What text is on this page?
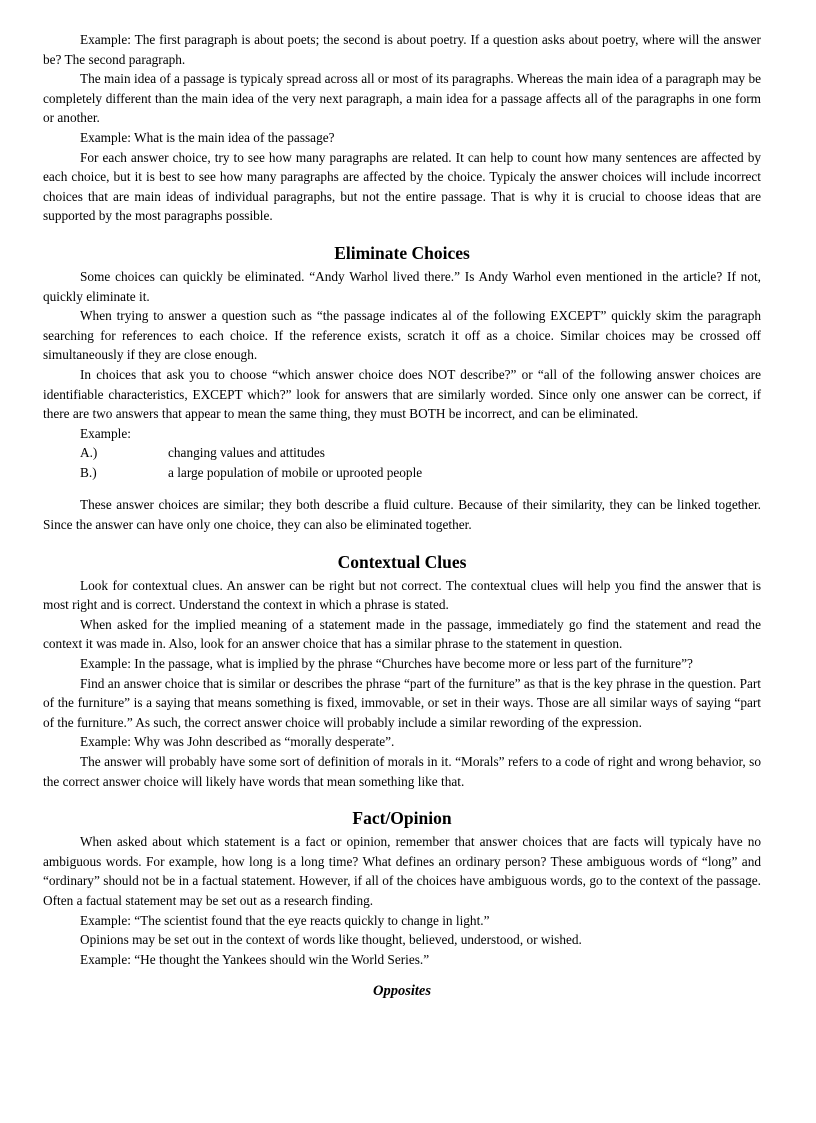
Example: The first paragraph is about poets; the second is about poetry. If a question asks about poetry, where will the answer be? The second paragraph.

The main idea of a passage is typicaly spread across all or most of its paragraphs. Whereas the main idea of a paragraph may be completely different than the main idea of the very next paragraph, a main idea for a passage affects all of the paragraphs in one form or another.

Example: What is the main idea of the passage?

For each answer choice, try to see how many paragraphs are related. It can help to count how many sentences are affected by each choice, but it is best to see how many paragraphs are affected by the choice. Typicaly the answer choices will include incorrect choices that are main ideas of individual paragraphs, but not the entire passage. That is why it is crucial to choose ideas that are supported by the most paragraphs possible.

Eliminate Choices

Some choices can quickly be eliminated. “Andy Warhol lived there.” Is Andy Warhol even mentioned in the article? If not, quickly eliminate it.

When trying to answer a question such as “the passage indicates al of the following EXCEPT” quickly skim the paragraph searching for references to each choice. If the reference exists, scratch it off as a choice. Similar choices may be crossed off simultaneously if they are close enough.

In choices that ask you to choose “which answer choice does NOT describe?” or “all of the following answer choices are identifiable characteristics, EXCEPT which?” look for answers that are similarly worded. Since only one answer can be correct, if there are two answers that appear to mean the same thing, they must BOTH be incorrect, and can be eliminated.

Example:

A.)	changing values and attitudes
B.)	a large population of mobile or uprooted people

These answer choices are similar; they both describe a fluid culture. Because of their similarity, they can be linked together. Since the answer can have only one choice, they can also be eliminated together.

Contextual Clues

Look for contextual clues. An answer can be right but not correct. The contextual clues will help you find the answer that is most right and is correct. Understand the context in which a phrase is stated.

When asked for the implied meaning of a statement made in the passage, immediately go find the statement and read the context it was made in. Also, look for an answer choice that has a similar phrase to the statement in question.

Example: In the passage, what is implied by the phrase “Churches have become more or less part of the furniture”?

Find an answer choice that is similar or describes the phrase “part of the furniture” as that is the key phrase in the question. Part of the furniture” is a saying that means something is fixed, immovable, or set in their ways. Those are all similar ways of saying “part of the furniture.” As such, the correct answer choice will probably include a similar rewording of the expression.

Example: Why was John described as “morally desperate”.

The answer will probably have some sort of definition of morals in it. “Morals” refers to a code of right and wrong behavior, so the correct answer choice will likely have words that mean something like that.

Fact/Opinion

When asked about which statement is a fact or opinion, remember that answer choices that are facts will typicaly have no ambiguous words. For example, how long is a long time? What defines an ordinary person? These ambiguous words of “long” and “ordinary” should not be in a factual statement. However, if all of the choices have ambiguous words, go to the context of the passage. Often a factual statement may be set out as a research finding.

Example: “The scientist found that the eye reacts quickly to change in light.”

Opinions may be set out in the context of words like thought, believed, understood, or wished.

Example: “He thought the Yankees should win the World Series.”

Opposites
